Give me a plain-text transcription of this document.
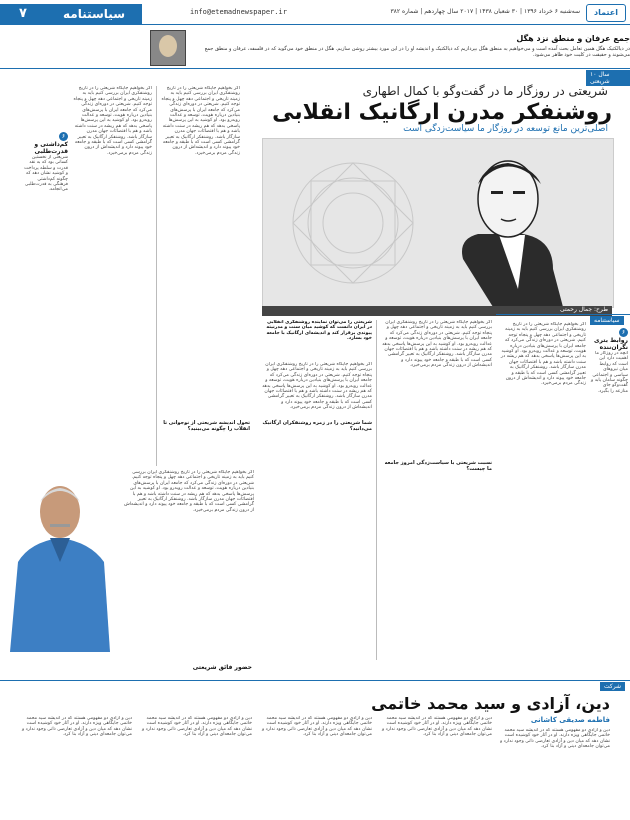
۷	سیاستنامه	info@etemadnewspaper.ir	سه‌شنبه ۶ خرداد ۱۳۹۶ | ۳۰ شعبان ۱۴۳۸ | ۲۰۱۷ سال چهاردهم | شماره ۳۸۲	اعتماد
جمع عرفان و منطق نزد هگل
در دیالکتیک هگل همین تعامل بحث آمده است و می‌خواهیم به منطق هگل بپردازیم که دیالکتیک و اندیشه او را در این مورد بیشتر روشن سازیم. هگل در منطق خود می‌گوید که در فلسفه، عرفان و منطق جمع می‌شوند و حقیقت در کلیت خود ظاهر می‌شود.
۱۰ سال شریعتی
شریعتی در روزگار ما در گفت‌وگو با کمال اطهاری
روشنفکر مدرن ارگانیک انقلابی
اصلی‌ترین مانع توسعه در روزگار ما سیاست‌زدگی است
طرح: جمال رحمتی
۶
کم‌داشتی و قدرت‌طلبی
شریعتی از نخستین کسانی بود که به نقد قدرت و سلطه پرداخت و کوشید نشان دهد که چگونه کم‌داشتی فرهنگی به قدرت‌طلبی می‌انجامد.
اگر بخواهیم جایگاه شریعتی را در تاریخ روشنفکری ایران بررسی کنیم باید به زمینه تاریخی و اجتماعی دهه چهل و پنجاه توجه کنیم. شریعتی در دوره‌ای زندگی می‌کرد که جامعه ایران با پرسش‌های بنیادین درباره هویت، توسعه و عدالت روبه‌رو بود. او کوشید به این پرسش‌ها پاسخی بدهد که هم ریشه در سنت داشته باشد و هم با اقتضائات جهان مدرن سازگار باشد. روشنفکر ارگانیک به تعبیر گرامشی کسی است که با طبقه و جامعه خود پیوند دارد و اندیشه‌اش از درون زندگی مردم برمی‌خیزد.
اگر بخواهیم جایگاه شریعتی را در تاریخ روشنفکری ایران بررسی کنیم باید به زمینه تاریخی و اجتماعی دهه چهل و پنجاه توجه کنیم. شریعتی در دوره‌ای زندگی می‌کرد که جامعه ایران با پرسش‌های بنیادین درباره هویت، توسعه و عدالت روبه‌رو بود. او کوشید به این پرسش‌ها پاسخی بدهد که هم ریشه در سنت داشته باشد و هم با اقتضائات جهان مدرن سازگار باشد. روشنفکر ارگانیک به تعبیر گرامشی کسی است که با طبقه و جامعه خود پیوند دارد و اندیشه‌اش از درون زندگی مردم برمی‌خیزد.
شریعتی را می‌توان نماینده روشنفکری انقلابی در ایران دانست که کوشید میان سنت و مدرنیته پیوندی برقرار کند و اندیشه‌ای ارگانیک با جامعه خود بسازد.
اگر بخواهیم جایگاه شریعتی را در تاریخ روشنفکری ایران بررسی کنیم باید به زمینه تاریخی و اجتماعی دهه چهل و پنجاه توجه کنیم. شریعتی در دوره‌ای زندگی می‌کرد که جامعه ایران با پرسش‌های بنیادین درباره هویت، توسعه و عدالت روبه‌رو بود. او کوشید به این پرسش‌ها پاسخی بدهد که هم ریشه در سنت داشته باشد و هم با اقتضائات جهان مدرن سازگار باشد. روشنفکر ارگانیک به تعبیر گرامشی کسی است که با طبقه و جامعه خود پیوند دارد و اندیشه‌اش از درون زندگی مردم برمی‌خیزد.
اگر بخواهیم جایگاه شریعتی را در تاریخ روشنفکری ایران بررسی کنیم باید به زمینه تاریخی و اجتماعی دهه چهل و پنجاه توجه کنیم. شریعتی در دوره‌ای زندگی می‌کرد که جامعه ایران با پرسش‌های بنیادین درباره هویت، توسعه و عدالت روبه‌رو بود. او کوشید به این پرسش‌ها پاسخی بدهد که هم ریشه در سنت داشته باشد و هم با اقتضائات جهان مدرن سازگار باشد. روشنفکر ارگانیک به تعبیر گرامشی کسی است که با طبقه و جامعه خود پیوند دارد و اندیشه‌اش از درون زندگی مردم برمی‌خیزد.
شما شریعتی را در زمره روشنفکران ارگانیک می‌دانید؟
نسبت شریعتی با سیاست‌زدگی امروز جامعه ما چیست؟
تحول اندیشه شریعتی از نوجوانی تا انقلاب را چگونه می‌بینید؟
اگر بخواهیم جایگاه شریعتی را در تاریخ روشنفکری ایران بررسی کنیم باید به زمینه تاریخی و اجتماعی دهه چهل و پنجاه توجه کنیم. شریعتی در دوره‌ای زندگی می‌کرد که جامعه ایران با پرسش‌های بنیادین درباره هویت، توسعه و عدالت روبه‌رو بود. او کوشید به این پرسش‌ها پاسخی بدهد که هم ریشه در سنت داشته باشد و هم با اقتضائات جهان مدرن سازگار باشد. روشنفکر ارگانیک به تعبیر گرامشی کسی است که با طبقه و جامعه خود پیوند دارد و اندیشه‌اش از درون زندگی مردم برمی‌خیزد.
حضور فائق شریعتی
سیاستنامه
۶
روابط بتری نگران‌ننده
آنچه در روزگار ما اهمیت دارد این است که روابط میان نیروهای سیاسی و اجتماعی چگونه سامان یابد و گفت‌وگو جای منازعه را بگیرد.
اگر بخواهیم جایگاه شریعتی را در تاریخ روشنفکری ایران بررسی کنیم باید به زمینه تاریخی و اجتماعی دهه چهل و پنجاه توجه کنیم. شریعتی در دوره‌ای زندگی می‌کرد که جامعه ایران با پرسش‌های بنیادین درباره هویت، توسعه و عدالت روبه‌رو بود. او کوشید به این پرسش‌ها پاسخی بدهد که هم ریشه در سنت داشته باشد و هم با اقتضائات جهان مدرن سازگار باشد. روشنفکر ارگانیک به تعبیر گرامشی کسی است که با طبقه و جامعه خود پیوند دارد و اندیشه‌اش از درون زندگی مردم برمی‌خیزد.
شرکت
دین، آزادی و سید محمد خاتمی
فاطمه صدیقی کاشانی
دین و آزادی دو مفهومی هستند که در اندیشه سید محمد خاتمی جایگاهی ویژه دارند. او در آثار خود کوشیده است نشان دهد که میان دین و آزادی تعارضی ذاتی وجود ندارد و می‌توان جامعه‌ای دینی و آزاد بنا کرد.
دین و آزادی دو مفهومی هستند که در اندیشه سید محمد خاتمی جایگاهی ویژه دارند. او در آثار خود کوشیده است نشان دهد که میان دین و آزادی تعارضی ذاتی وجود ندارد و می‌توان جامعه‌ای دینی و آزاد بنا کرد.
دین و آزادی دو مفهومی هستند که در اندیشه سید محمد خاتمی جایگاهی ویژه دارند. او در آثار خود کوشیده است نشان دهد که میان دین و آزادی تعارضی ذاتی وجود ندارد و می‌توان جامعه‌ای دینی و آزاد بنا کرد.
دین و آزادی دو مفهومی هستند که در اندیشه سید محمد خاتمی جایگاهی ویژه دارند. او در آثار خود کوشیده است نشان دهد که میان دین و آزادی تعارضی ذاتی وجود ندارد و می‌توان جامعه‌ای دینی و آزاد بنا کرد.
دین و آزادی دو مفهومی هستند که در اندیشه سید محمد خاتمی جایگاهی ویژه دارند. او در آثار خود کوشیده است نشان دهد که میان دین و آزادی تعارضی ذاتی وجود ندارد و می‌توان جامعه‌ای دینی و آزاد بنا کرد.
